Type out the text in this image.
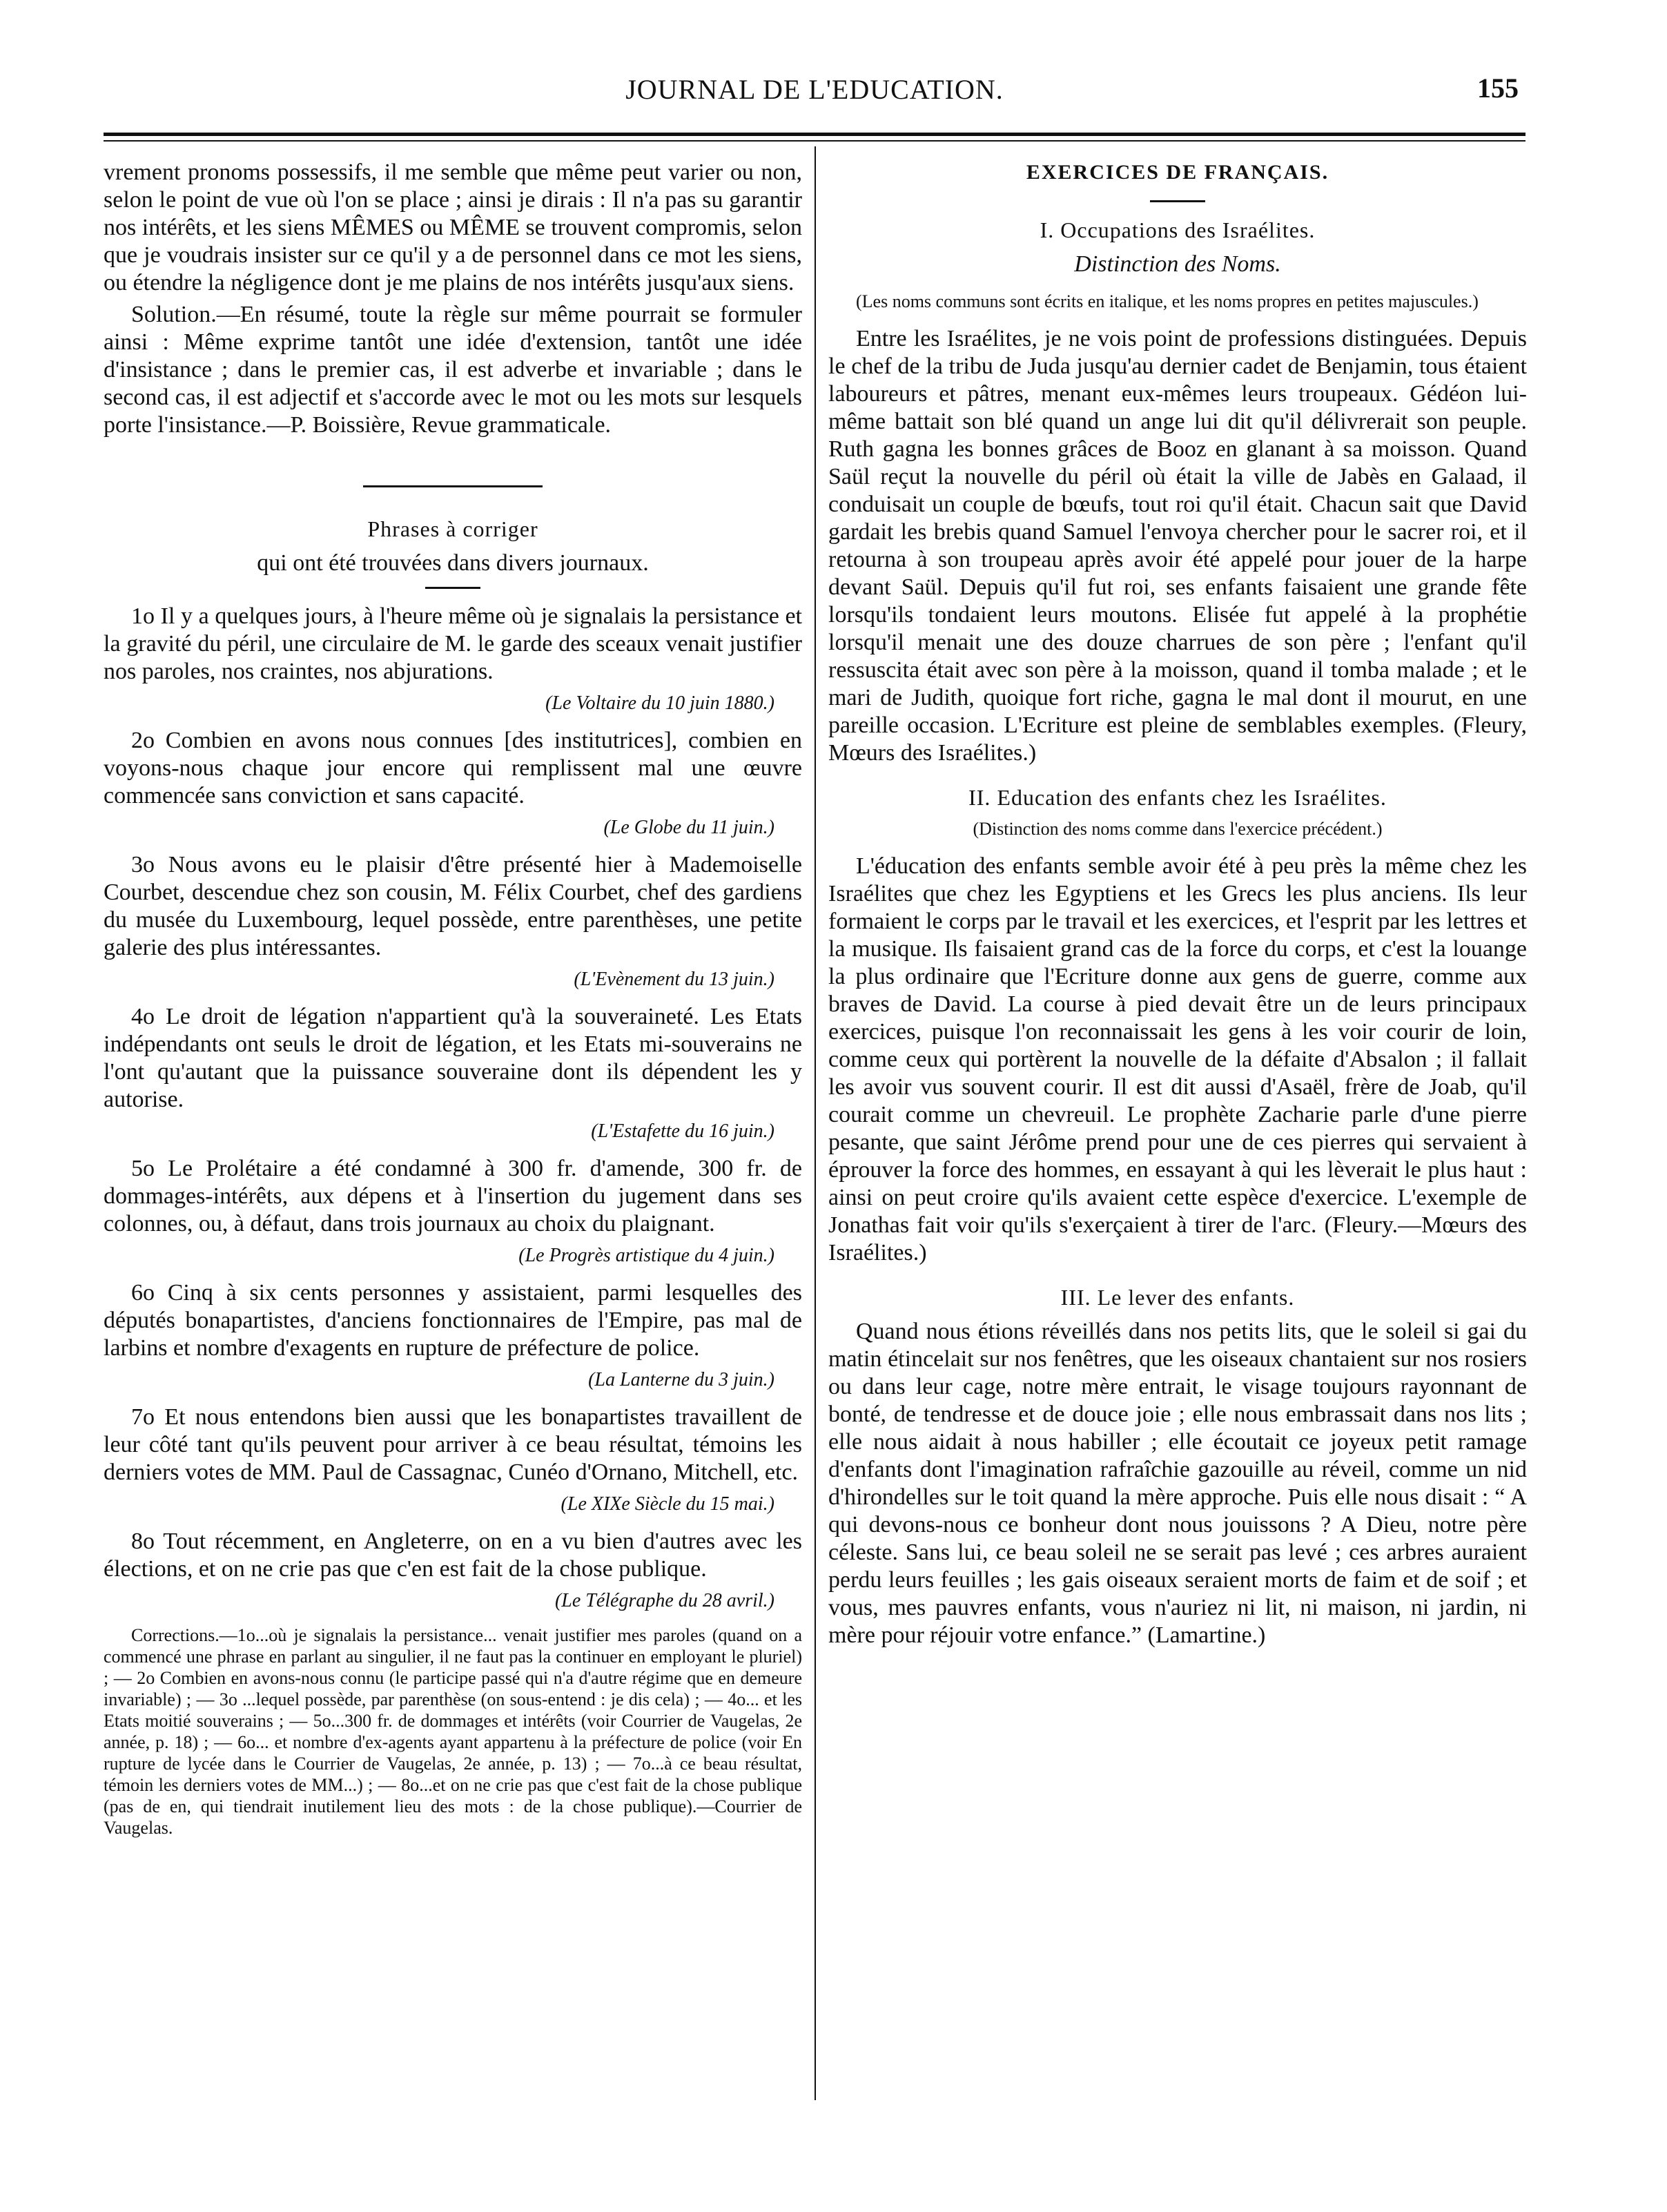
JOURNAL DE L'EDUCATION.	155

vrement pronoms possessifs, il me semble que même peut varier ou non, selon le point de vue où l'on se place ; ainsi je dirais : Il n'a pas su garantir nos intérêts, et les siens MÊMES ou MÊME se trouvent compromis, selon que je voudrais insister sur ce qu'il y a de personnel dans ce mot les siens, ou étendre la négligence dont je me plains de nos intérêts jusqu'aux siens.

Solution.—En résumé, toute la règle sur même pourrait se formuler ainsi : Même exprime tantôt une idée d'extension, tantôt une idée d'insistance ; dans le premier cas, il est adverbe et invariable ; dans le second cas, il est adjectif et s'accorde avec le mot ou les mots sur lesquels porte l'insistance.—P. Boissière, Revue grammaticale.

Phrases à corriger

qui ont été trouvées dans divers journaux.

1o Il y a quelques jours, à l'heure même où je signalais la persistance et la gravité du péril, une circulaire de M. le garde des sceaux venait justifier nos paroles, nos craintes, nos abjurations.

(Le Voltaire du 10 juin 1880.)

2o Combien en avons nous connues [des institutrices], combien en voyons-nous chaque jour encore qui remplissent mal une œuvre commencée sans conviction et sans capacité.

(Le Globe du 11 juin.)

3o Nous avons eu le plaisir d'être présenté hier à Mademoiselle Courbet, descendue chez son cousin, M. Félix Courbet, chef des gardiens du musée du Luxembourg, lequel possède, entre parenthèses, une petite galerie des plus intéressantes.

(L'Evènement du 13 juin.)

4o Le droit de légation n'appartient qu'à la souveraineté. Les Etats indépendants ont seuls le droit de légation, et les Etats mi-souverains ne l'ont qu'autant que la puissance souveraine dont ils dépendent les y autorise.

(L'Estafette du 16 juin.)

5o Le Prolétaire a été condamné à 300 fr. d'amende, 300 fr. de dommages-intérêts, aux dépens et à l'insertion du jugement dans ses colonnes, ou, à défaut, dans trois journaux au choix du plaignant.

(Le Progrès artistique du 4 juin.)

6o Cinq à six cents personnes y assistaient, parmi lesquelles des députés bonapartistes, d'anciens fonctionnaires de l'Empire, pas mal de larbins et nombre d'exagents en rupture de préfecture de police.

(La Lanterne du 3 juin.)

7o Et nous entendons bien aussi que les bonapartistes travaillent de leur côté tant qu'ils peuvent pour arriver à ce beau résultat, témoins les derniers votes de MM. Paul de Cassagnac, Cunéo d'Ornano, Mitchell, etc.

(Le XIXe Siècle du 15 mai.)

8o Tout récemment, en Angleterre, on en a vu bien d'autres avec les élections, et on ne crie pas que c'en est fait de la chose publique.

(Le Télégraphe du 28 avril.)

Corrections.—1o...où je signalais la persistance... venait justifier mes paroles (quand on a commencé une phrase en parlant au singulier, il ne faut pas la continuer en employant le pluriel) ; — 2o Combien en avons-nous connu (le participe passé qui n'a d'autre régime que en demeure invariable) ; — 3o ...lequel possède, par parenthèse (on sous-entend : je dis cela) ; — 4o... et les Etats moitié souverains ; — 5o...300 fr. de dommages et intérêts (voir Courrier de Vaugelas, 2e année, p. 18) ; — 6o... et nombre d'ex-agents ayant appartenu à la préfecture de police (voir En rupture de lycée dans le Courrier de Vaugelas, 2e année, p. 13) ; — 7o...à ce beau résultat, témoin les derniers votes de MM...) ; — 8o...et on ne crie pas que c'est fait de la chose publique (pas de en, qui tiendrait inutilement lieu des mots : de la chose publique).—Courrier de Vaugelas.

EXERCICES DE FRANÇAIS.

I. Occupations des Israélites.

Distinction des Noms.

(Les noms communs sont écrits en italique, et les noms propres en petites majuscules.)

Entre les Israélites, je ne vois point de professions distinguées. Depuis le chef de la tribu de Juda jusqu'au dernier cadet de Benjamin, tous étaient laboureurs et pâtres, menant eux-mêmes leurs troupeaux. Gédéon lui-même battait son blé quand un ange lui dit qu'il délivrerait son peuple. Ruth gagna les bonnes grâces de Booz en glanant à sa moisson. Quand Saül reçut la nouvelle du péril où était la ville de Jabès en Galaad, il conduisait un couple de bœufs, tout roi qu'il était. Chacun sait que David gardait les brebis quand Samuel l'envoya chercher pour le sacrer roi, et il retourna à son troupeau après avoir été appelé pour jouer de la harpe devant Saül. Depuis qu'il fut roi, ses enfants faisaient une grande fête lorsqu'ils tondaient leurs moutons. Elisée fut appelé à la prophétie lorsqu'il menait une des douze charrues de son père ; l'enfant qu'il ressuscita était avec son père à la moisson, quand il tomba malade ; et le mari de Judith, quoique fort riche, gagna le mal dont il mourut, en une pareille occasion. L'Ecriture est pleine de semblables exemples. (Fleury, Mœurs des Israélites.)

II. Education des enfants chez les Israélites.

(Distinction des noms comme dans l'exercice précédent.)

L'éducation des enfants semble avoir été à peu près la même chez les Israélites que chez les Egyptiens et les Grecs les plus anciens. Ils leur formaient le corps par le travail et les exercices, et l'esprit par les lettres et la musique. Ils faisaient grand cas de la force du corps, et c'est la louange la plus ordinaire que l'Ecriture donne aux gens de guerre, comme aux braves de David. La course à pied devait être un de leurs principaux exercices, puisque l'on reconnaissait les gens à les voir courir de loin, comme ceux qui portèrent la nouvelle de la défaite d'Absalon ; il fallait les avoir vus souvent courir. Il est dit aussi d'Asaël, frère de Joab, qu'il courait comme un chevreuil. Le prophète Zacharie parle d'une pierre pesante, que saint Jérôme prend pour une de ces pierres qui servaient à éprouver la force des hommes, en essayant à qui les lèverait le plus haut : ainsi on peut croire qu'ils avaient cette espèce d'exercice. L'exemple de Jonathas fait voir qu'ils s'exerçaient à tirer de l'arc. (Fleury.—Mœurs des Israélites.)

III. Le lever des enfants.

Quand nous étions réveillés dans nos petits lits, que le soleil si gai du matin étincelait sur nos fenêtres, que les oiseaux chantaient sur nos rosiers ou dans leur cage, notre mère entrait, le visage toujours rayonnant de bonté, de tendresse et de douce joie ; elle nous embrassait dans nos lits ; elle nous aidait à nous habiller ; elle écoutait ce joyeux petit ramage d'enfants dont l'imagination rafraîchie gazouille au réveil, comme un nid d'hirondelles sur le toit quand la mère approche. Puis elle nous disait : “ A qui devons-nous ce bonheur dont nous jouissons ? A Dieu, notre père céleste. Sans lui, ce beau soleil ne se serait pas levé ; ces arbres auraient perdu leurs feuilles ; les gais oiseaux seraient morts de faim et de soif ; et vous, mes pauvres enfants, vous n'auriez ni lit, ni maison, ni jardin, ni mère pour réjouir votre enfance.” (Lamartine.)
